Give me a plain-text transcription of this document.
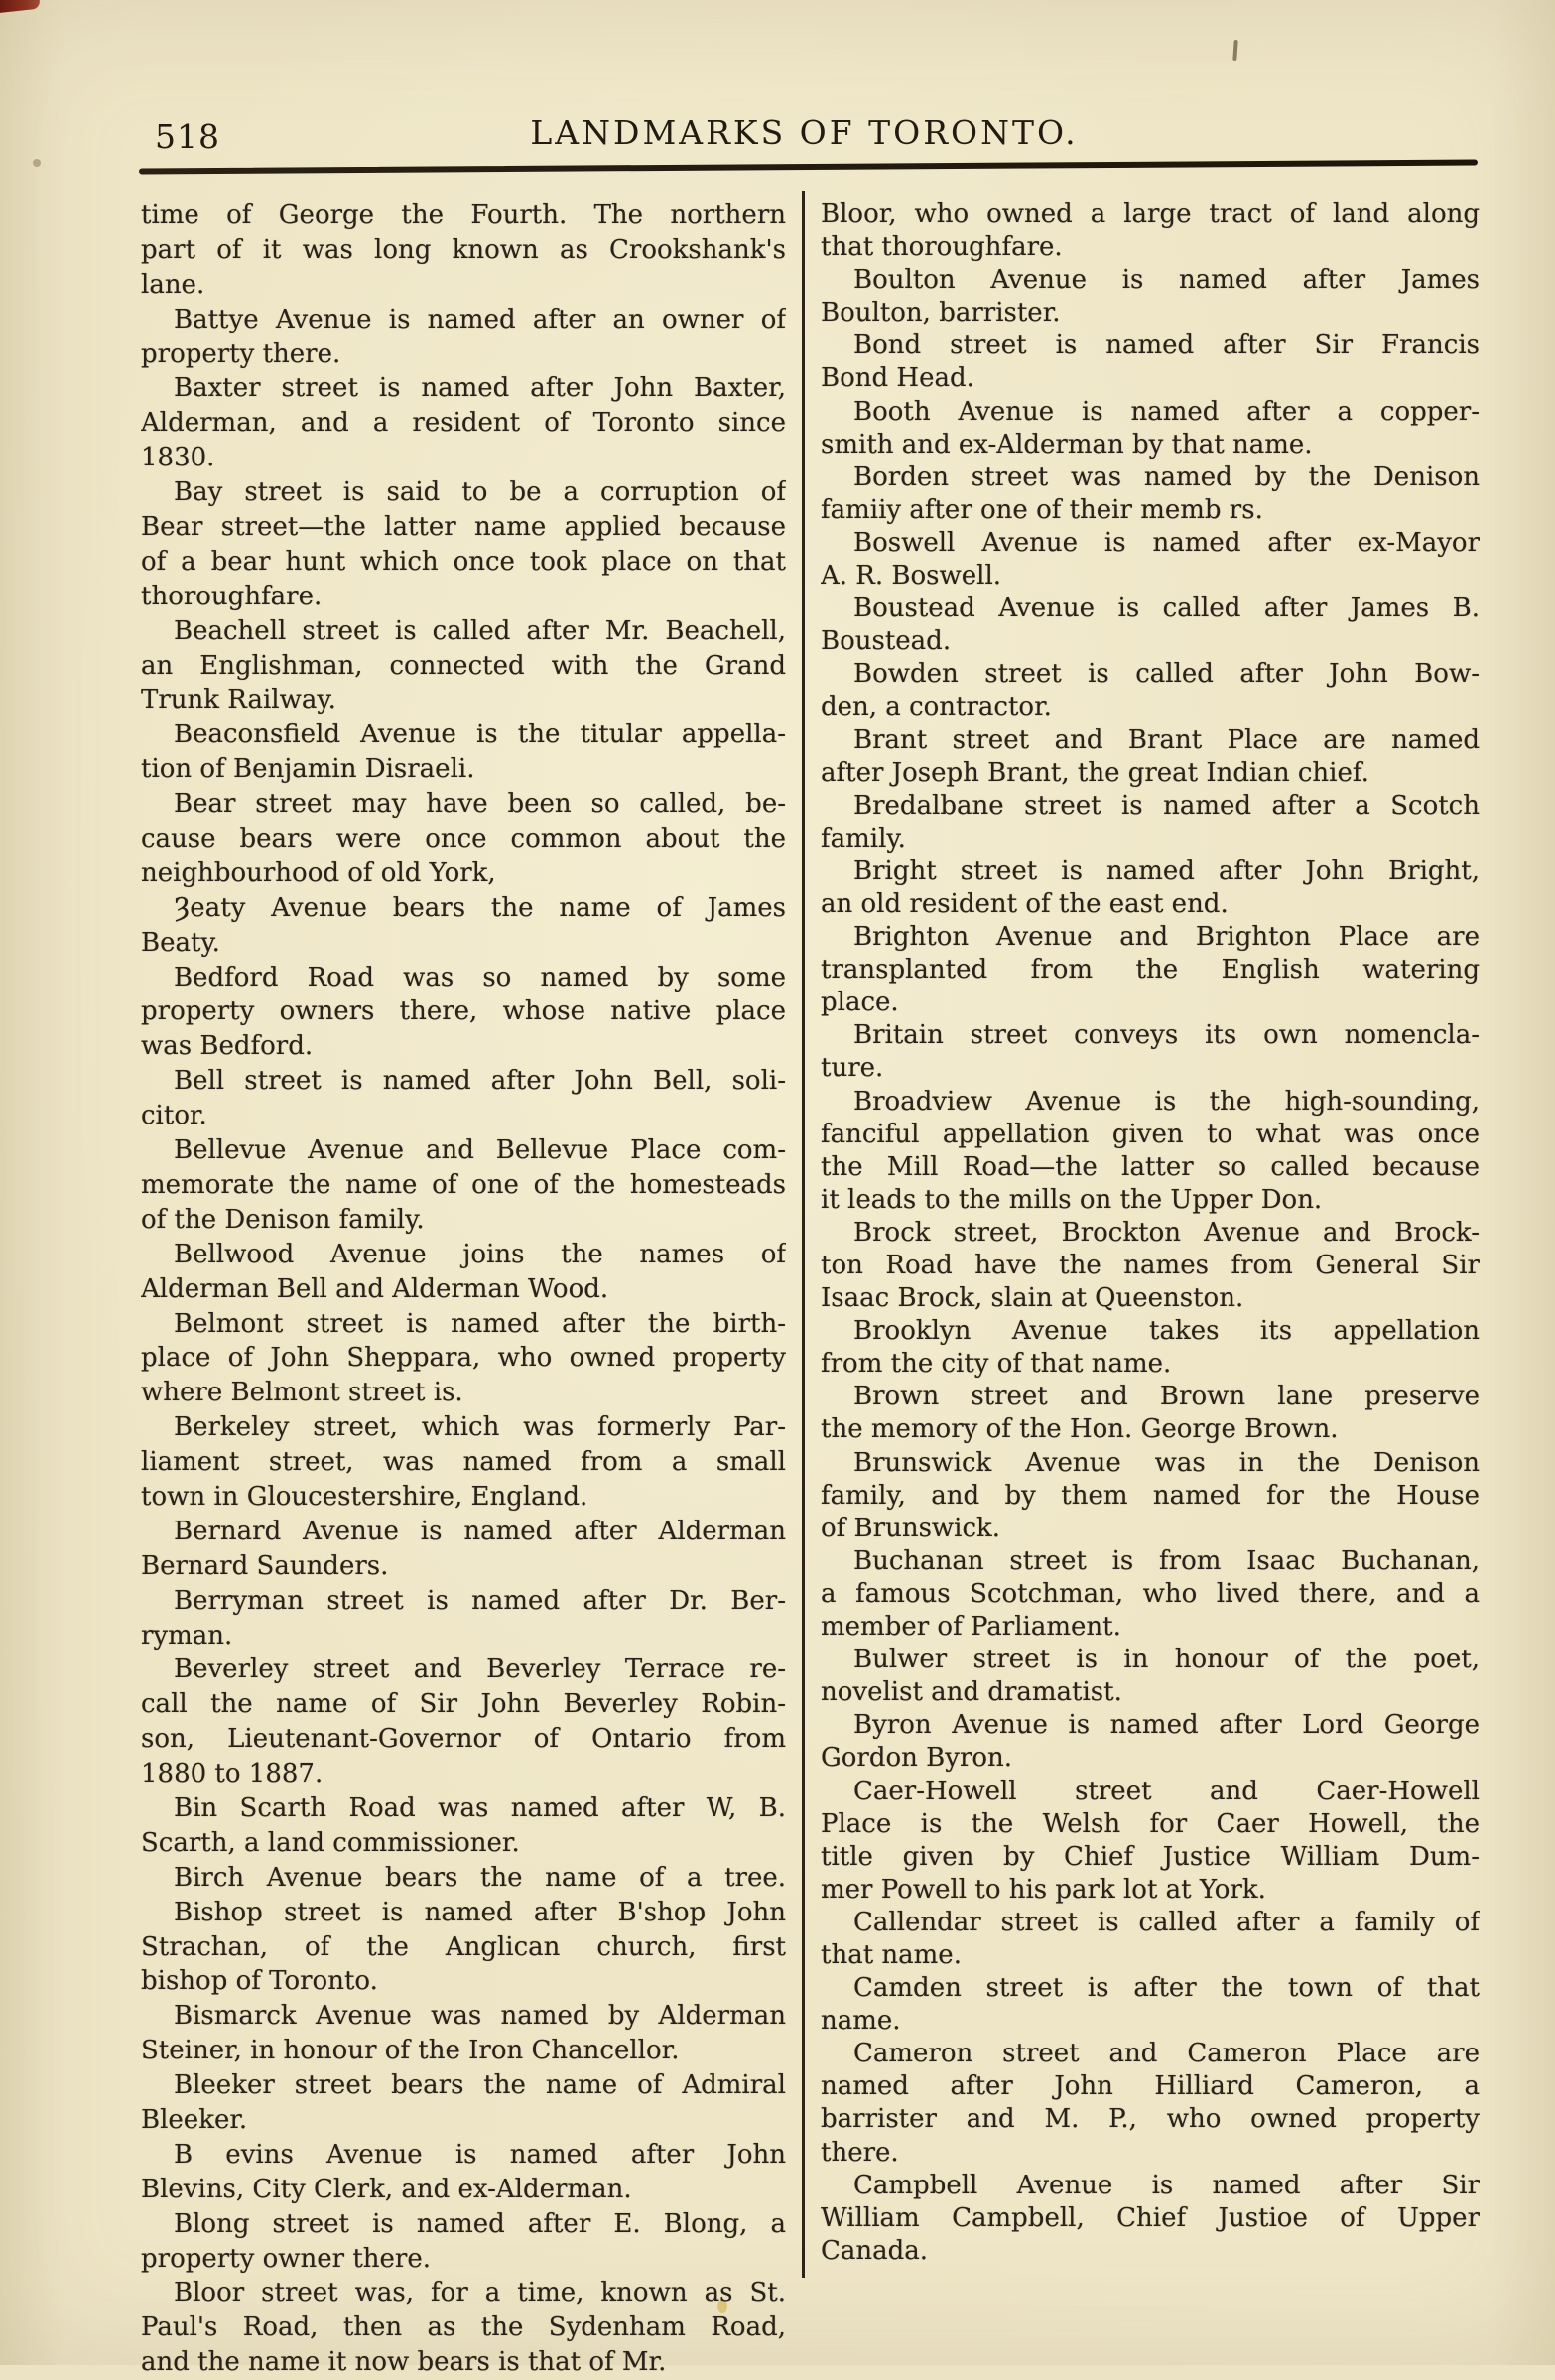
518	LANDMARKS OF TORONTO.
time of George the Fourth. The northern
part of it was long known as Crookshank's
lane.
Battye Avenue is named after an owner of
property there.
Baxter street is named after John Baxter,
Alderman, and a resident of Toronto since
1830.
Bay street is said to be a corruption of
Bear street—the latter name applied because
of a bear hunt which once took place on that
thoroughfare.
Beachell street is called after Mr. Beachell,
an Englishman, connected with the Grand
Trunk Railway.
Beaconsfield Avenue is the titular appella-
tion of Benjamin Disraeli.
Bear street may have been so called, be-
cause bears were once common about the
neighbourhood of old York,
Ȝeaty Avenue bears the name of James
Beaty.
Bedford Road was so named by some
property owners there, whose native place
was Bedford.
Bell street is named after John Bell, soli-
citor.
Bellevue Avenue and Bellevue Place com-
memorate the name of one of the homesteads
of the Denison family.
Bellwood Avenue joins the names of
Alderman Bell and Alderman Wood.
Belmont street is named after the birth-
place of John Sheppara, who owned property
where Belmont street is.
Berkeley street, which was formerly Par-
liament street, was named from a small
town in Gloucestershire, England.
Bernard Avenue is named after Alderman
Bernard Saunders.
Berryman street is named after Dr. Ber-
ryman.
Beverley street and Beverley Terrace re-
call the name of Sir John Beverley Robin-
son, Lieutenant-Governor of Ontario from
1880 to 1887.
Bin Scarth Road was named after W, B.
Scarth, a land commissioner.
Birch Avenue bears the name of a tree.
Bishop street is named after B'shop John
Strachan, of the Anglican church, first
bishop of Toronto.
Bismarck Avenue was named by Alderman
Steiner, in honour of the Iron Chancellor.
Bleeker street bears the name of Admiral
Bleeker.
B evins Avenue is named after John
Blevins, City Clerk, and ex-Alderman.
Blong street is named after E. Blong, a
property owner there.
Bloor street was, for a time, known as St.
Paul's Road, then as the Sydenham Road,
and the name it now bears is that of Mr.
Bloor, who owned a large tract of land along
that thoroughfare.
Boulton Avenue is named after James
Boulton, barrister.
Bond street is named after Sir Francis
Bond Head.
Booth Avenue is named after a copper-
smith and ex-Alderman by that name.
Borden street was named by the Denison
famiiy after one of their memb rs.
Boswell Avenue is named after ex-Mayor
A. R. Boswell.
Boustead Avenue is called after James B.
Boustead.
Bowden street is called after John Bow-
den, a contractor.
Brant street and Brant Place are named
after Joseph Brant, the great Indian chief.
Bredalbane street is named after a Scotch
family.
Bright street is named after John Bright,
an old resident of the east end.
Brighton Avenue and Brighton Place are
transplanted from the English watering
place.
Britain street conveys its own nomencla-
ture.
Broadview Avenue is the high-sounding,
fanciful appellation given to what was once
the Mill Road—the latter so called because
it leads to the mills on the Upper Don.
Brock street, Brockton Avenue and Brock-
ton Road have the names from General Sir
Isaac Brock, slain at Queenston.
Brooklyn Avenue takes its appellation
from the city of that name.
Brown street and Brown lane preserve
the memory of the Hon. George Brown.
Brunswick Avenue was in the Denison
family, and by them named for the House
of Brunswick.
Buchanan street is from Isaac Buchanan,
a famous Scotchman, who lived there, and a
member of Parliament.
Bulwer street is in honour of the poet,
novelist and dramatist.
Byron Avenue is named after Lord George
Gordon Byron.
Caer-Howell street and Caer-Howell
Place is the Welsh for Caer Howell, the
title given by Chief Justice William Dum-
mer Powell to his park lot at York.
Callendar street is called after a family of
that name.
Camden street is after the town of that
name.
Cameron street and Cameron Place are
named after John Hilliard Cameron, a
barrister and M. P., who owned property
there.
Campbell Avenue is named after Sir
William Campbell, Chief Justioe of Upper
Canada.
